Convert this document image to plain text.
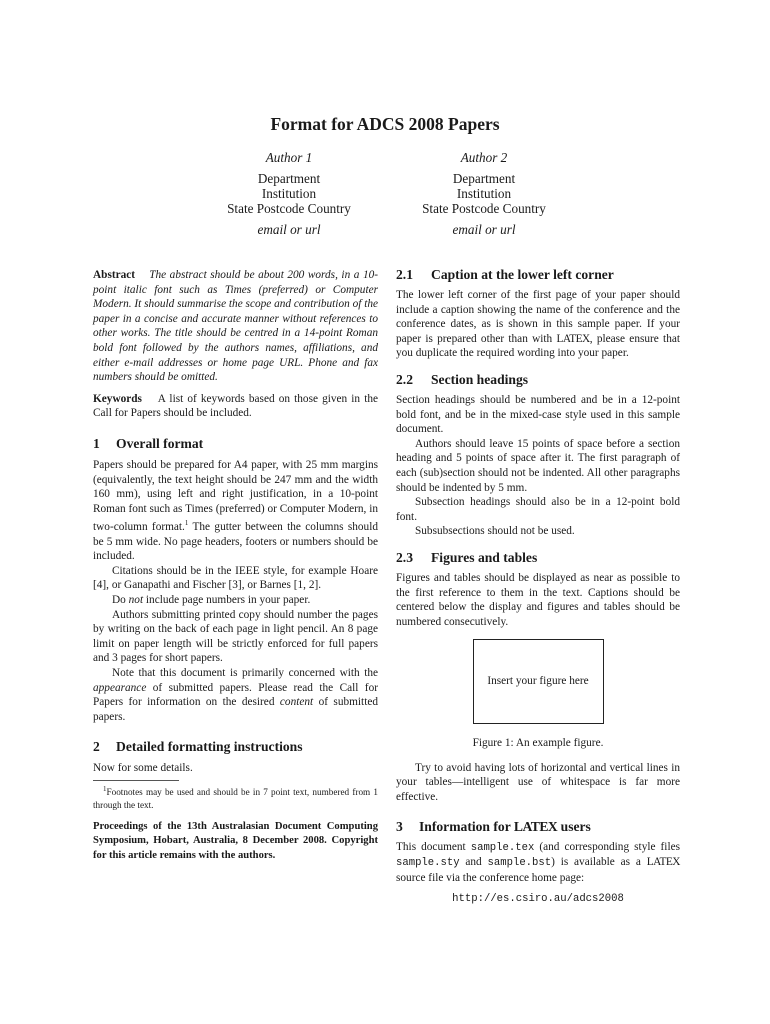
Format for ADCS 2008 Papers
Author 1
Department
Institution
State Postcode Country
email or url
Author 2
Department
Institution
State Postcode Country
email or url

Abstract The abstract should be about 200 words, in a 10-point italic font such as Times (preferred) or Computer Modern. It should summarise the scope and contribution of the paper in a concise and accurate manner without references to other works. The title should be centred in a 14-point Roman bold font followed by the authors names, affiliations, and either e-mail addresses or home page URL. Phone and fax numbers should be omitted.

Keywords A list of keywords based on those given in the Call for Papers should be included.

1 Overall format

Papers should be prepared for A4 paper, with 25 mm margins (equivalently, the text height should be 247 mm and the width 160 mm), using left and right justification, in a 10-point Roman font such as Times (preferred) or Computer Modern, in two-column format.$^1$ The gutter between the columns should be 5 mm wide. No page headers, footers or numbers should be included.

Citations should be in the IEEE style, for example Hoare [4], or Ganapathi and Fischer [3], or Barnes [1, 2].

Do not include page numbers in your paper.

Authors submitting printed copy should number the pages by writing on the back of each page in light pencil. An 8 page limit on paper length will be strictly enforced for full papers and 3 pages for short papers.

Note that this document is primarily concerned with the appearance of submitted papers. Please read the Call for Papers for information on the desired content of submitted papers.

2 Detailed formatting instructions

Now for some details.

$^1$Footnotes may be used and should be in 7 point text, numbered from 1 through the text.

Proceedings of the 13th Australasian Document Computing Symposium, Hobart, Australia, 8 December 2008. Copyright for this article remains with the authors.

2.1 Caption at the lower left corner

The lower left corner of the first page of your paper should include a caption showing the name of the conference and the conference dates, as is shown in this sample paper. If your paper is prepared other than with LATEX, please ensure that you duplicate the required wording into your paper.

2.2 Section headings

Section headings should be numbered and be in a 12-point bold font, and be in the mixed-case style used in this sample document.

Authors should leave 15 points of space before a section heading and 5 points of space after it. The first paragraph of each (sub)section should not be indented. All other paragraphs should be indented by 5 mm.

Subsection headings should also be in a 12-point bold font.

Subsubsections should not be used.

2.3 Figures and tables

Figures and tables should be displayed as near as possible to the first reference to them in the text. Captions should be centered below the display and figures and tables should be numbered consecutively.

Insert your figure here

Figure 1: An example figure.

Try to avoid having lots of horizontal and vertical lines in your tables—intelligent use of whitespace is far more effective.

3 Information for LATEX users

This document sample.tex (and corresponding style files sample.sty and sample.bst) is available as a LATEX source file via the conference home page:

http://es.csiro.au/adcs2008
